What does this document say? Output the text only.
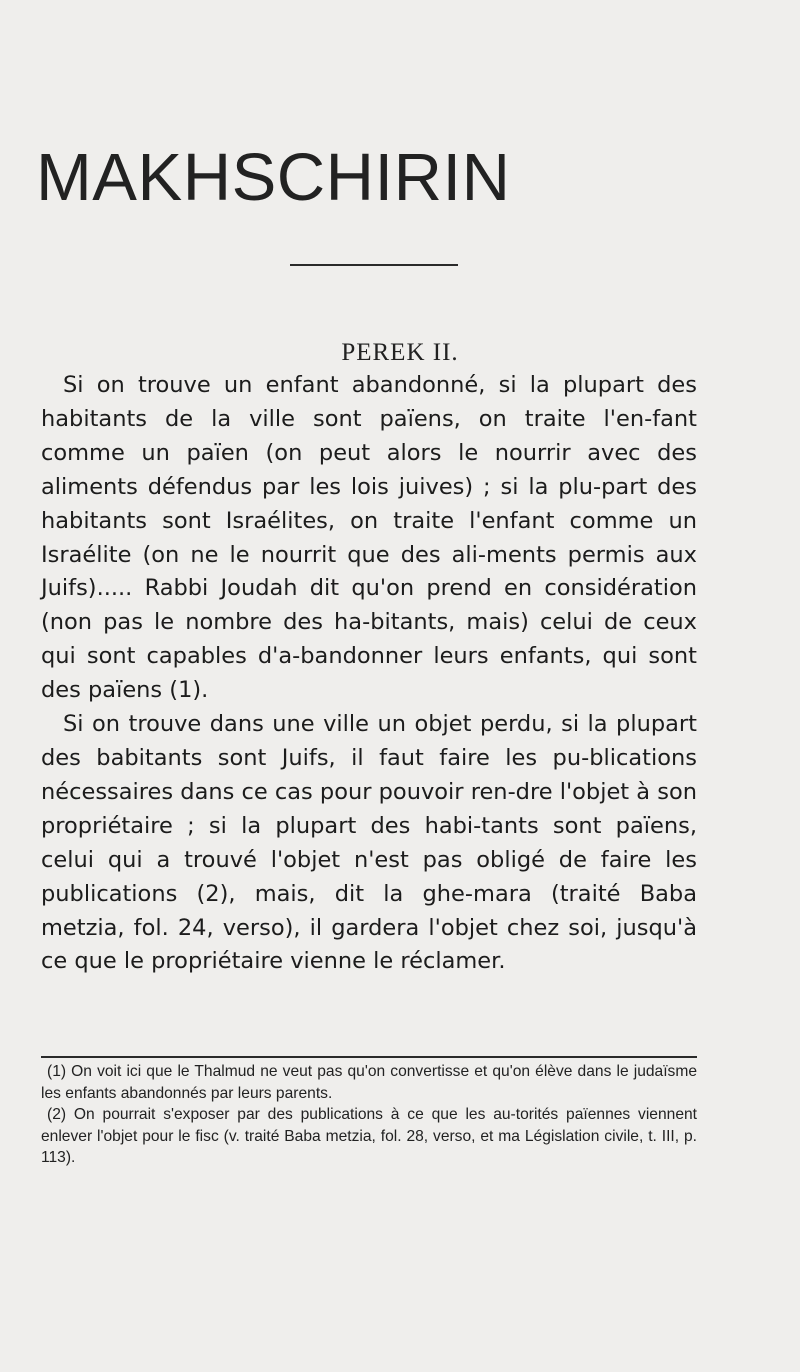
MAKHSCHIRIN
PEREK II.

Si on trouve un enfant abandonné, si la plupart des habitants de la ville sont païens, on traite l'en-fant comme un païen (on peut alors le nourrir avec des aliments défendus par les lois juives) ; si la plu-part des habitants sont Israélites, on traite l'enfant comme un Israélite (on ne le nourrit que des ali-ments permis aux Juifs)..... Rabbi Joudah dit qu'on prend en considération (non pas le nombre des ha-bitants, mais) celui de ceux qui sont capables d'a-bandonner leurs enfants, qui sont des païens (1).

Si on trouve dans une ville un objet perdu, si la plupart des babitants sont Juifs, il faut faire les pu-blications nécessaires dans ce cas pour pouvoir ren-dre l'objet à son propriétaire ; si la plupart des habi-tants sont païens, celui qui a trouvé l'objet n'est pas obligé de faire les publications (2), mais, dit la ghe-mara (traité Baba metzia, fol. 24, verso), il gardera l'objet chez soi, jusqu'à ce que le propriétaire vienne le réclamer.

(1) On voit ici que le Thalmud ne veut pas qu'on convertisse et qu'on élève dans le judaïsme les enfants abandonnés par leurs parents.

(2) On pourrait s'exposer par des publications à ce que les au-torités païennes viennent enlever l'objet pour le fisc (v. traité Baba metzia, fol. 28, verso, et ma Législation civile, t. III, p. 113).
